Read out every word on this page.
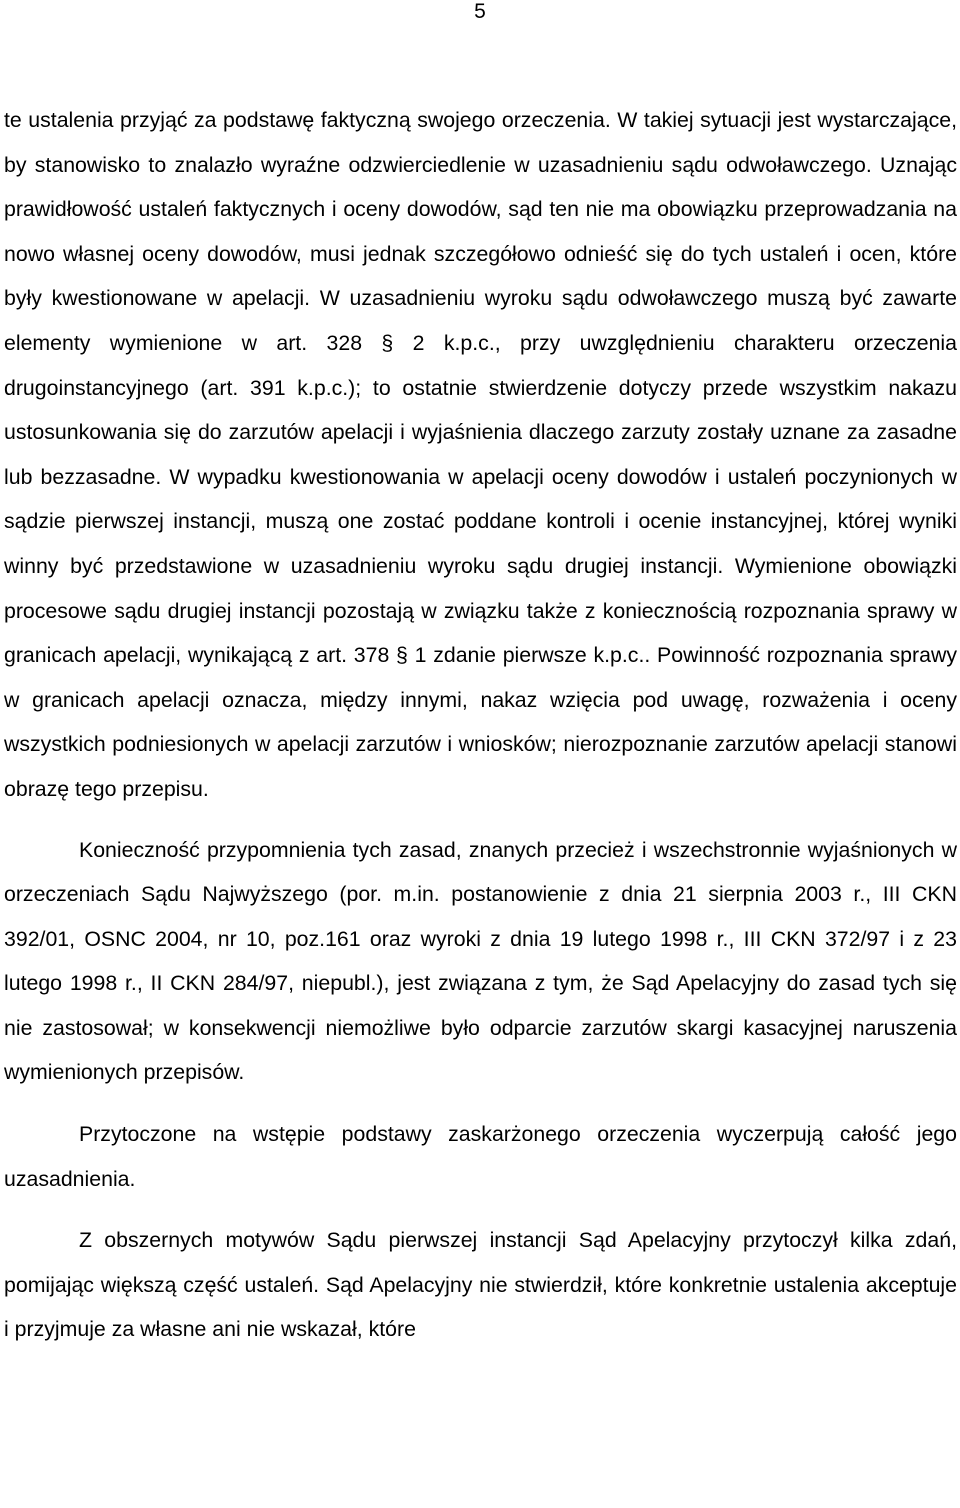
5

te ustalenia przyjąć za podstawę faktyczną swojego orzeczenia. W takiej sytuacji jest wystarczające, by stanowisko to znalazło wyraźne odzwierciedlenie w uzasadnieniu sądu odwoławczego. Uznając prawidłowość ustaleń faktycznych i oceny dowodów, sąd ten nie ma obowiązku przeprowadzania na nowo własnej oceny dowodów, musi jednak szczegółowo odnieść się do tych ustaleń i ocen, które były kwestionowane w apelacji. W uzasadnieniu wyroku sądu odwoławczego muszą być zawarte elementy wymienione w art. 328 § 2 k.p.c., przy uwzględnieniu charakteru orzeczenia drugoinstancyjnego (art. 391 k.p.c.); to ostatnie stwierdzenie dotyczy przede wszystkim nakazu ustosunkowania się do zarzutów apelacji i wyjaśnienia dlaczego zarzuty zostały uznane za zasadne lub bezzasadne. W wypadku kwestionowania w apelacji oceny dowodów i ustaleń poczynionych w sądzie pierwszej instancji, muszą one zostać poddane kontroli i ocenie instancyjnej, której wyniki winny być przedstawione w uzasadnieniu wyroku sądu drugiej instancji. Wymienione obowiązki procesowe sądu drugiej instancji pozostają w związku także z koniecznością rozpoznania sprawy w granicach apelacji, wynikającą z art. 378 § 1 zdanie pierwsze k.p.c.. Powinność rozpoznania sprawy w granicach apelacji oznacza, między innymi, nakaz wzięcia pod uwagę, rozważenia i oceny wszystkich podniesionych w apelacji zarzutów i wniosków; nierozpoznanie zarzutów apelacji stanowi obrazę tego przepisu.

Konieczność przypomnienia tych zasad, znanych przecież i wszechstronnie wyjaśnionych w orzeczeniach Sądu Najwyższego (por. m.in. postanowienie z dnia 21 sierpnia 2003 r., III CKN 392/01, OSNC 2004, nr 10, poz.161 oraz wyroki z dnia 19 lutego 1998 r., III CKN 372/97 i z 23 lutego 1998 r., II CKN 284/97, niepubl.), jest związana z tym, że Sąd Apelacyjny do zasad tych się nie zastosował; w konsekwencji niemożliwe było odparcie zarzutów skargi kasacyjnej naruszenia wymienionych przepisów.

Przytoczone na wstępie podstawy zaskarżonego orzeczenia wyczerpują całość jego uzasadnienia.

Z obszernych motywów Sądu pierwszej instancji Sąd Apelacyjny przytoczył kilka zdań, pomijając większą część ustaleń. Sąd Apelacyjny nie stwierdził, które konkretnie ustalenia akceptuje i przyjmuje za własne ani nie wskazał, które
